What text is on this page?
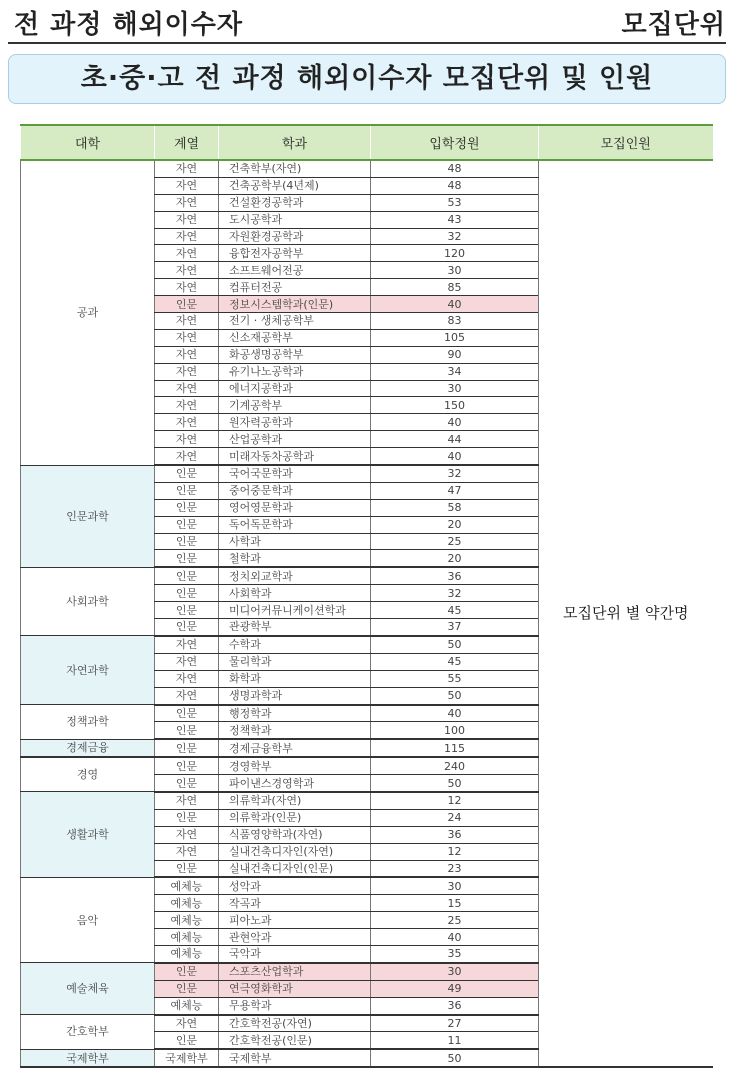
전 과정 해외이수자	모집단위
초·중·고 전 과정 해외이수자 모집단위 및 인원
대학	계열	학과	입학정원	모집인원
공과	자연	건축학부(자연)	48	모집단위 별 약간명
	자연	건축공학부(4년제)	48	
	자연	건설환경공학과	53	
	자연	도시공학과	43	
	자연	자원환경공학과	32	
	자연	융합전자공학부	120	
	자연	소프트웨어전공	30	
	자연	컴퓨터전공	85	
	인문	정보시스템학과(인문)	40	
	자연	전기 · 생체공학부	83	
	자연	신소재공학부	105	
	자연	화공생명공학부	90	
	자연	유기나노공학과	34	
	자연	에너지공학과	30	
	자연	기계공학부	150	
	자연	원자력공학과	40	
	자연	산업공학과	44	
	자연	미래자동차공학과	40	
인문과학	인문	국어국문학과	32	
	인문	중어중문학과	47	
	인문	영어영문학과	58	
	인문	독어독문학과	20	
	인문	사학과	25	
	인문	철학과	20	
사회과학	인문	정치외교학과	36	
	인문	사회학과	32	
	인문	미디어커뮤니케이션학과	45	
	인문	관광학부	37	
자연과학	자연	수학과	50	
	자연	물리학과	45	
	자연	화학과	55	
	자연	생명과학과	50	
정책과학	인문	행정학과	40	
	인문	정책학과	100	
경제금융	인문	경제금융학부	115	
경영	인문	경영학부	240	
	인문	파이낸스경영학과	50	
생활과학	자연	의류학과(자연)	12	
	인문	의류학과(인문)	24	
	자연	식품영양학과(자연)	36	
	자연	실내건축디자인(자연)	12	
	인문	실내건축디자인(인문)	23	
음악	예체능	성악과	30	
	예체능	작곡과	15	
	예체능	피아노과	25	
	예체능	관현악과	40	
	예체능	국악과	35	
예술체육	인문	스포츠산업학과	30	
	인문	연극영화학과	49	
	예체능	무용학과	36	
간호학부	자연	간호학전공(자연)	27	
	인문	간호학전공(인문)	11	
국제학부	국제학부	국제학부	50	
